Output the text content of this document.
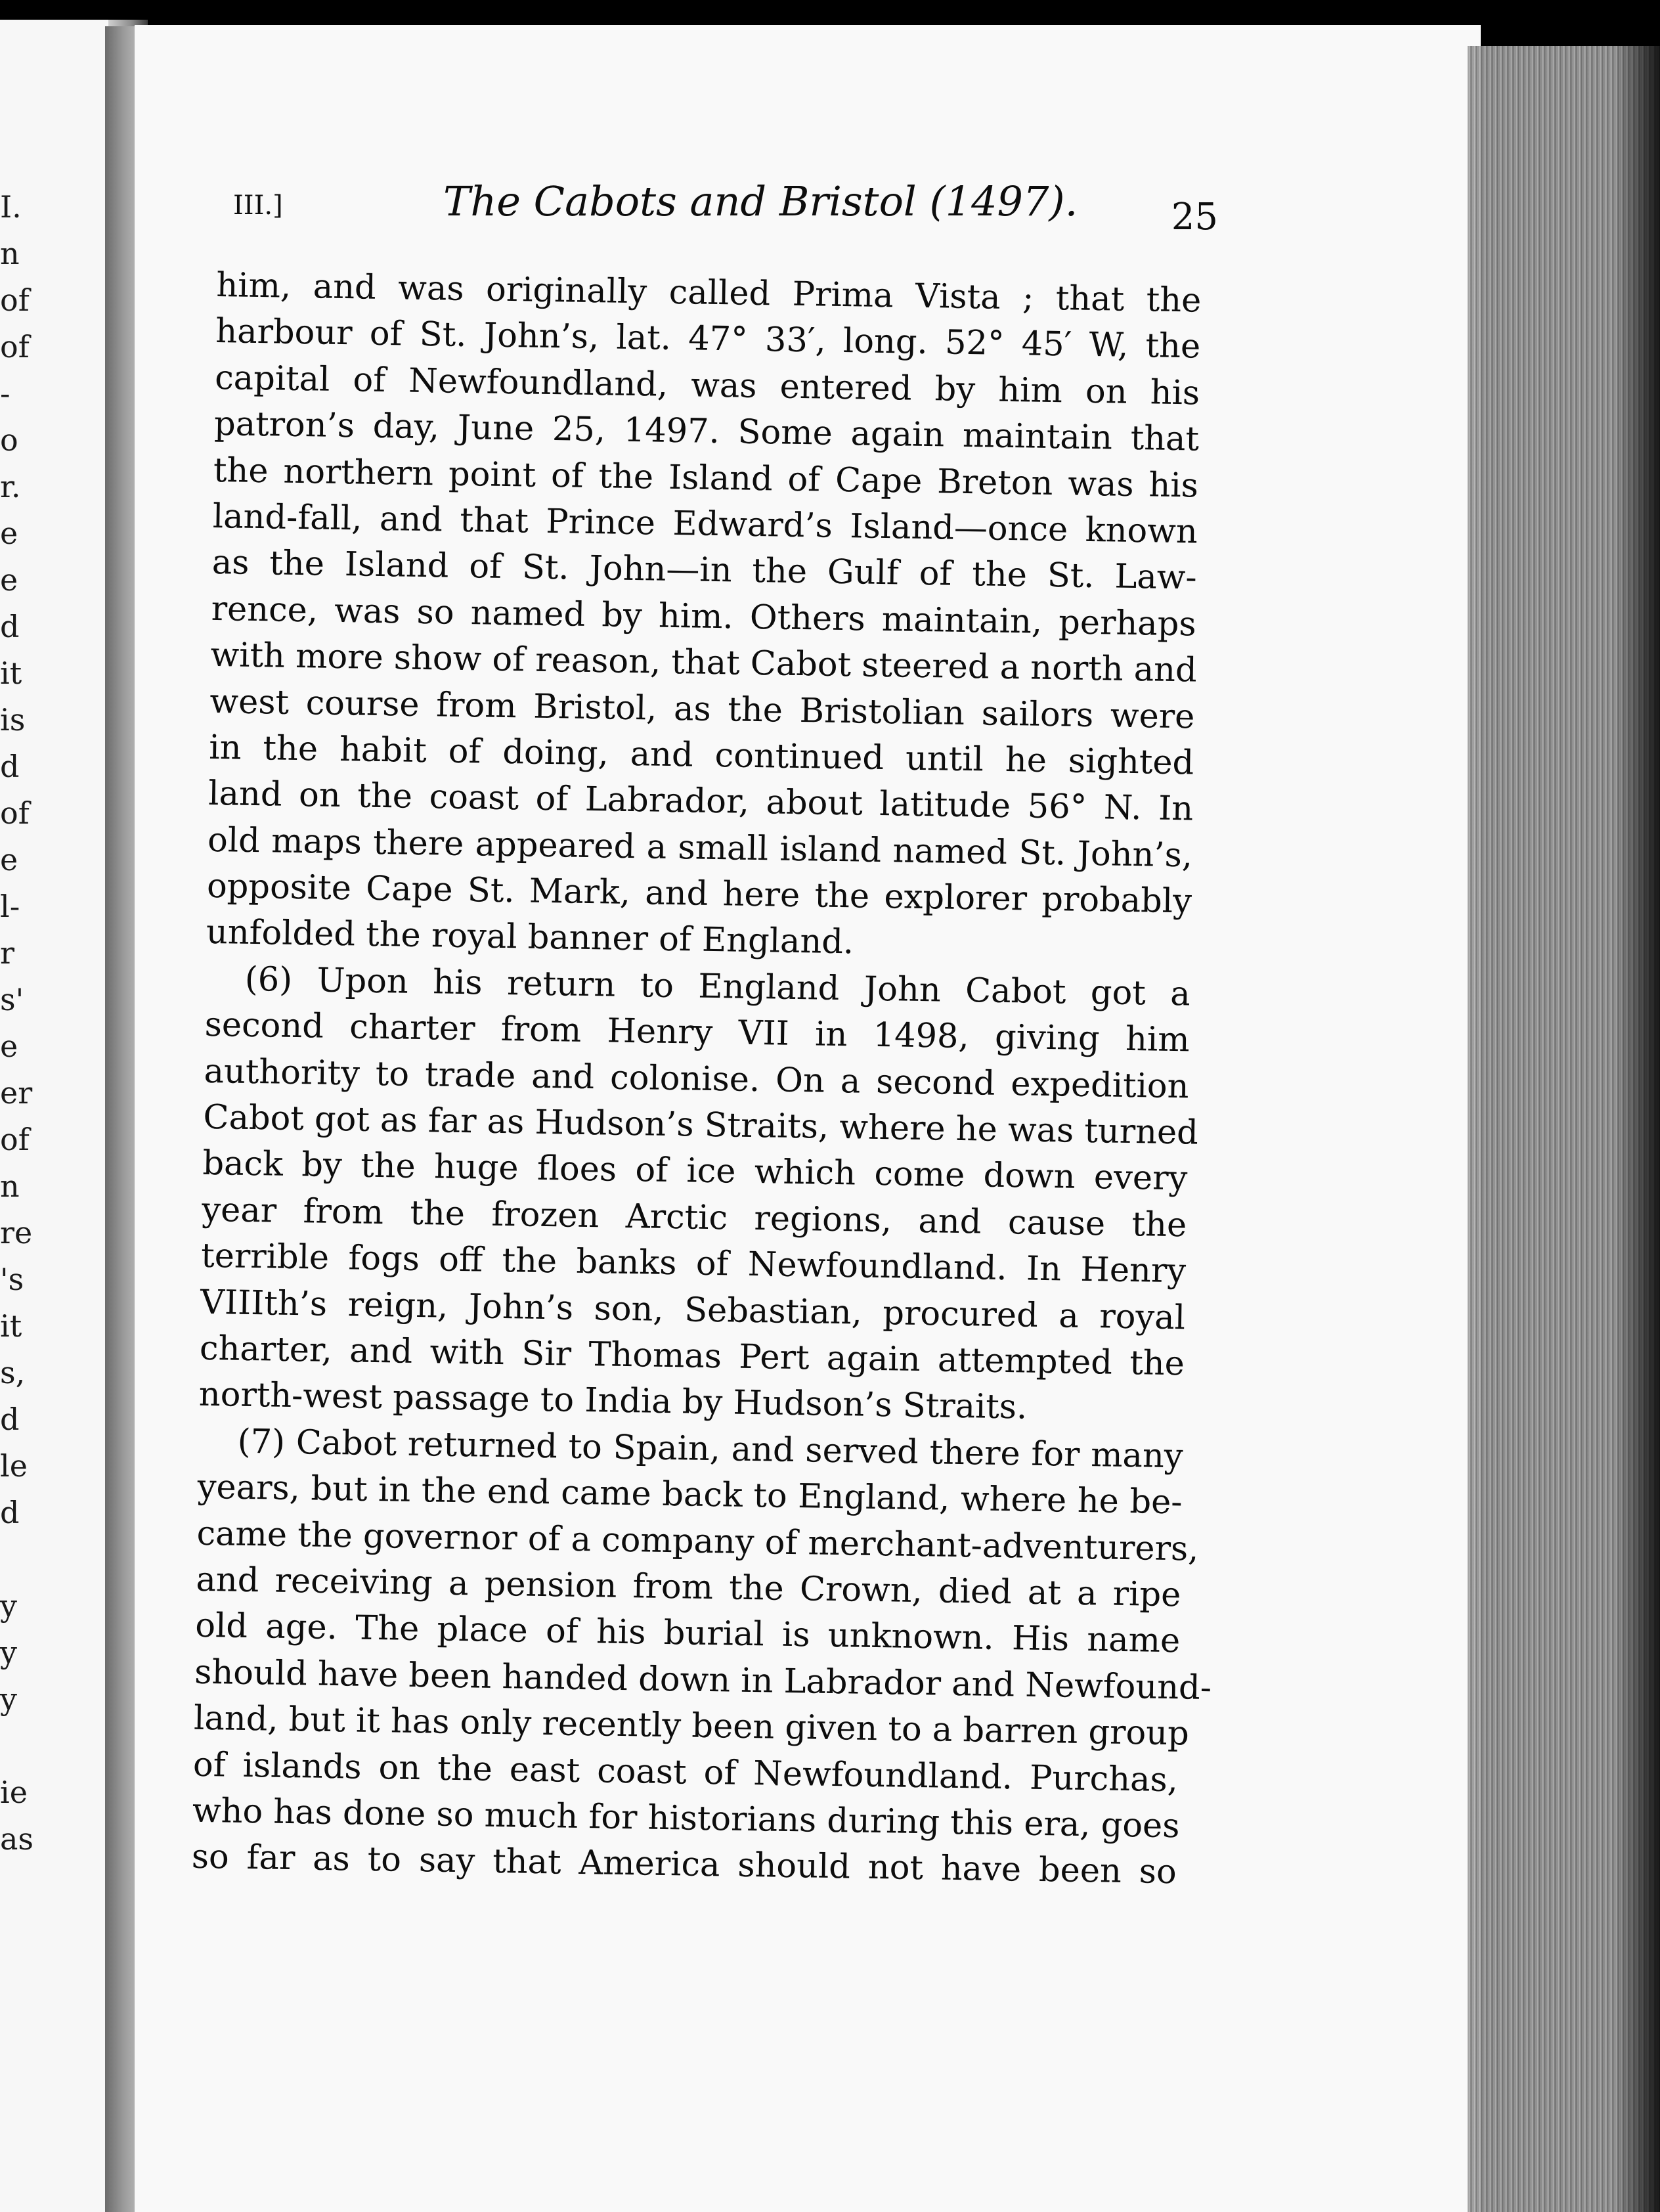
I.
n
of
of
-
o
r.
e
e
d
it
is
d
of
e
l-
r
s'
e
er
of
n
re
's
it
s,
d
le
d
y
y
y
ie
as
III.]	The Cabots and Bristol (1497).	25
him, and was originally called Prima Vista ; that the
harbour of St. John’s, lat. 47° 33′, long. 52° 45′ W, the
capital of Newfoundland, was entered by him on his
patron’s day, June 25, 1497. Some again maintain that
the northern point of the Island of Cape Breton was his
land-fall, and that Prince Edward’s Island—once known
as the Island of St. John—in the Gulf of the St. Law-
rence, was so named by him. Others maintain, perhaps
with more show of reason, that Cabot steered a north and
west course from Bristol, as the Bristolian sailors were
in the habit of doing, and continued until he sighted
land on the coast of Labrador, about latitude 56° N. In
old maps there appeared a small island named St. John’s,
opposite Cape St. Mark, and here the explorer probably
unfolded the royal banner of England.
(6) Upon his return to England John Cabot got a
second charter from Henry VII in 1498, giving him
authority to trade and colonise. On a second expedition
Cabot got as far as Hudson’s Straits, where he was turned
back by the huge floes of ice which come down every
year from the frozen Arctic regions, and cause the
terrible fogs off the banks of Newfoundland. In Henry
VIIIth’s reign, John’s son, Sebastian, procured a royal
charter, and with Sir Thomas Pert again attempted the
north-west passage to India by Hudson’s Straits.
(7) Cabot returned to Spain, and served there for many
years, but in the end came back to England, where he be-
came the governor of a company of merchant-adventurers,
and receiving a pension from the Crown, died at a ripe
old age. The place of his burial is unknown. His name
should have been handed down in Labrador and Newfound-
land, but it has only recently been given to a barren group
of islands on the east coast of Newfoundland. Purchas,
who has done so much for historians during this era, goes
so far as to say that America should not have been so
